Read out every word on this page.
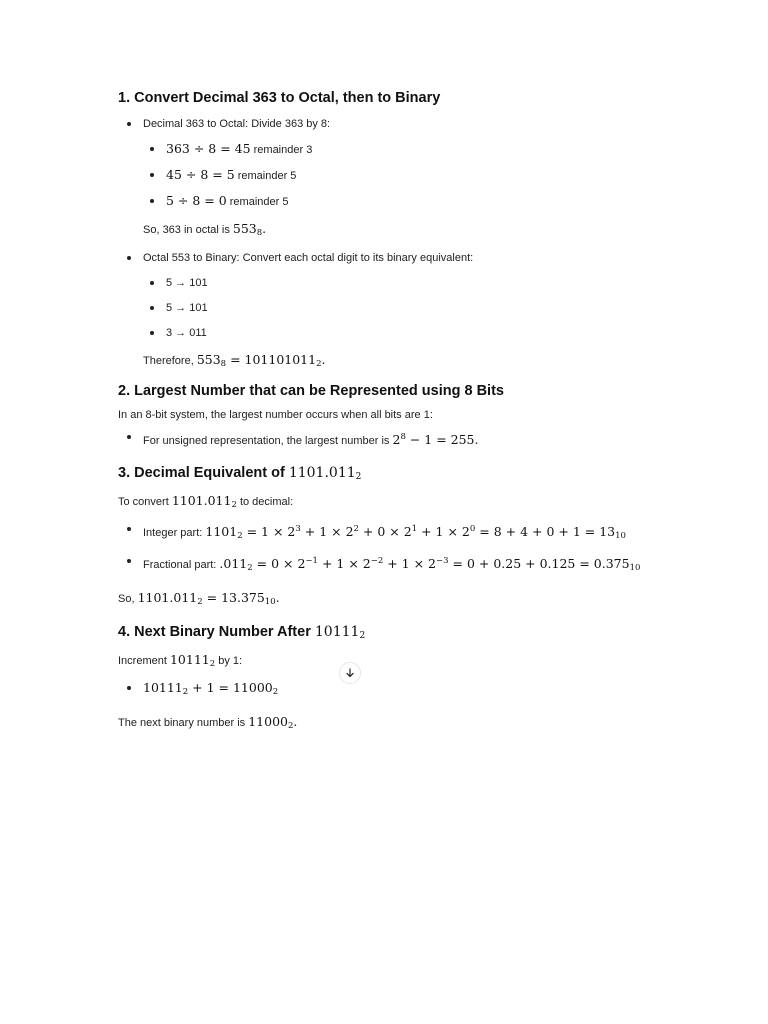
1. Convert Decimal 363 to Octal, then to Binary
Decimal 363 to Octal: Divide 363 by 8:
363 ÷ 8 = 45 remainder 3
45 ÷ 8 = 5 remainder 5
5 ÷ 8 = 0 remainder 5

So, 363 in octal is $553_8$.

Octal 553 to Binary: Convert each octal digit to its binary equivalent:
5 → 101
5 → 101
3 → 011

Therefore, $553_8 = 101101011_2$.

2. Largest Number that can be Represented using 8 Bits

In an 8-bit system, the largest number occurs when all bits are 1:

For unsigned representation, the largest number is $2^8 - 1 = 255$.
3. Decimal Equivalent of $1101.011_2$

To convert $1101.011_2$ to decimal:

Integer part: $1101_2 = 1 \times 2^3 + 1 \times 2^2 + 0 \times 2^1 + 1 \times 2^0 = 8 + 4 + 0 + 1 = 13_{10}$
Fractional part: $.011_2 = 0 \times 2^{-1} + 1 \times 2^{-2} + 1 \times 2^{-3} = 0 + 0.25 + 0.125 = 0.375_{10}$

So, $1101.011_2 = 13.375_{10}$.

4. Next Binary Number After $10111_2$

Increment $10111_2$ by 1:

$10111_2 + 1 = 11000_2$

The next binary number is $11000_2$.
